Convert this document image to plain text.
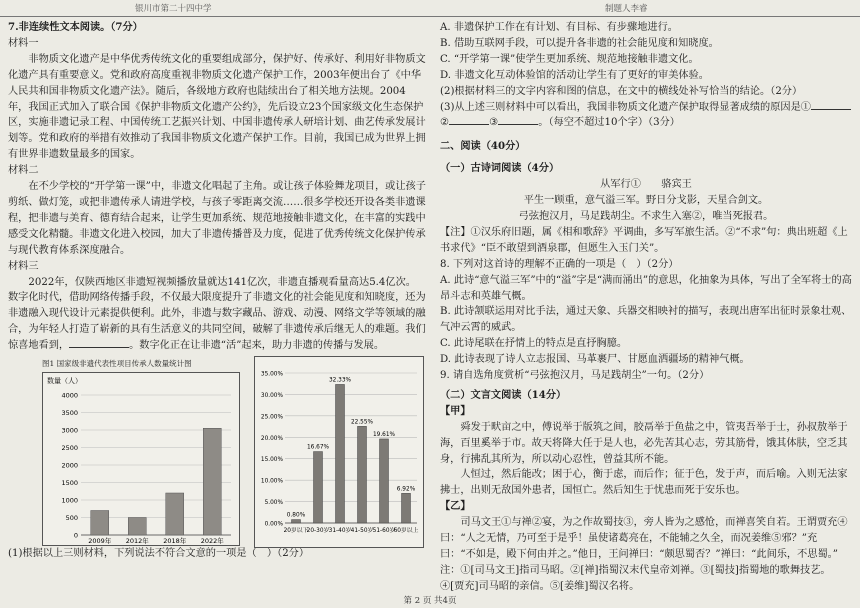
银川市第二十四中学	制题人李睿

7.非连续性文本阅读。（7分）

材料一

非物质文化遗产是中华优秀传统文化的重要组成部分，保护好、传承好、利用好非物质文化遗产具有重要意义。党和政府高度重视非物质文化遗产保护工作，2003年便出台了《中华人民共和国非物质文化遗产法》。随后，各级地方政府也陆续出台了相关地方法规。2004年，我国正式加入了联合国《保护非物质文化遗产公约》，先后设立23个国家级文化生态保护区，实施非遗记录工程、中国传统工艺振兴计划、中国非遗传承人研培计划、曲艺传承发展计划等。党和政府的举措有效推动了我国非物质文化遗产保护工作。目前，我国已成为世界上拥有世界非遗数量最多的国家。

材料二

在不少学校的“开学第一课”中，非遗文化唱起了主角。或让孩子体验舞龙项目，或让孩子剪纸、做灯笼，或把非遗传承人请进学校，与孩子零距离交流……很多学校还开设各类非遗课程，把非遗与美育、德育结合起来，让学生更加系统、规范地接触非遗文化，在丰富的实践中感受文化精髓。非遗文化进入校园，加大了非遗传播普及力度，促进了优秀传统文化保护传承与现代教育体系深度融合。

材料三

2022年，仅陕西地区非遗短视频播放量就达141亿次，非遗直播观看量高达5.4亿次。数字化时代，借助网络传播手段，不仅最大限度提升了非遗文化的社会能见度和知晓度，还为非遗融入现代设计元素提供便利。此外，非遗与数字藏品、游戏、动漫、网络文学等领域的融合，为年轻人打造了崭新的具有生活意义的共同空间，破解了非遗传承后继无人的难题。我们惊喜地看到，	。数字化正在让非遗“活”起来，助力非遗的传播与发展。

图1 国家级非遗代表性项目传承人数量统计图
数量（人）
0
500
1000
1500
2000
2500
3000
3500
4000
2009年 2012年 2018年 2022年
0.00%
5.00%
10.00%
15.00%
20.00%
25.00%
30.00%
35.00%
0.80%
20岁以下
16.67%
20-30岁
32.33%
31-40岁
22.55%
41-50岁
19.61%
51-60岁
6.92%
60岁以上

(1)根据以上三则材料，下列说法不符合文意的一项是（　）（2分）

A. 非遗保护工作在有计划、有目标、有步骤地进行。

B. 借助互联网手段，可以提升各非遗的社会能见度和知晓度。

C. “开学第一课”使学生更加系统、规范地接触非遗文化。

D. 非遗文化互动体验馆的活动让学生有了更好的审美体验。

(2)根据材料三的文字内容和图的信息，在文中的横线处补写恰当的结论。（2分）

(3)从上述三则材料中可以看出，我国非物质文化遗产保护取得显著成绩的原因是①②	③	。（每空不超过10个字）（3分）

二、阅读（40分）

（一）古诗词阅读（4分）

从军行①　　骆宾王

平生一顾重，意气溢三军。野日分戈影，天星合剑文。

弓弦抱汉月，马足践胡尘。不求生入塞②，唯当死报君。

【注】①汉乐府旧题，属《相和歌辞》平调曲，多写军旅生活。②“不求”句：典出班超《上书求代》“臣不敢望到酒泉郡，但愿生入玉门关”。

8. 下列对这首诗的理解不正确的一项是（　）（2分）

A. 此诗“意气溢三军”中的“溢”字是“满而涌出”的意思，化抽象为具体，写出了全军将士的高昂斗志和英雄气概。

B. 此诗颔联运用对比手法，通过天象、兵器交相映衬的描写，表现出唐军出征时景象壮观、气冲云霄的威武。

C. 此诗尾联在抒情上的特点是直抒胸臆。

D. 此诗表现了诗人立志报国、马革裹尸、甘愿血洒疆场的精神气概。

9. 请自选角度赏析“弓弦抱汉月，马足践胡尘”一句。（2分）

（二）文言文阅读（14分）

【甲】

舜发于畎亩之中，傅说举于版筑之间，胶鬲举于鱼盐之中，管夷吾举于士，孙叔敖举于海，百里奚举于市。故天将降大任于是人也，必先苦其心志，劳其筋骨，饿其体肤，空乏其身，行拂乱其所为，所以动心忍性，曾益其所不能。

人恒过，然后能改；困于心，衡于虑，而后作；征于色，发于声，而后喻。入则无法家拂士，出则无敌国外患者，国恒亡。然后知生于忧患而死于安乐也。

【乙】

司马文王①与禅②宴，为之作故蜀技③，旁人皆为之感怆，而禅喜笑自若。王谓贾充④曰：“人之无情，乃可至于是乎！虽使诸葛亮在，不能辅之久全，而况姜维⑤邪？”充曰：“不如是，殿下何由并之。”他日，王问禅曰：“颇思蜀否？”禅曰：“此间乐，不思蜀。”

注：①[司马文王]指司马昭。②[禅]指蜀汉末代皇帝刘禅。③[蜀技]指蜀地的歌舞技艺。④[贾充]司马昭的亲信。⑤[姜维]蜀汉名将。

第 2 页 共4页
